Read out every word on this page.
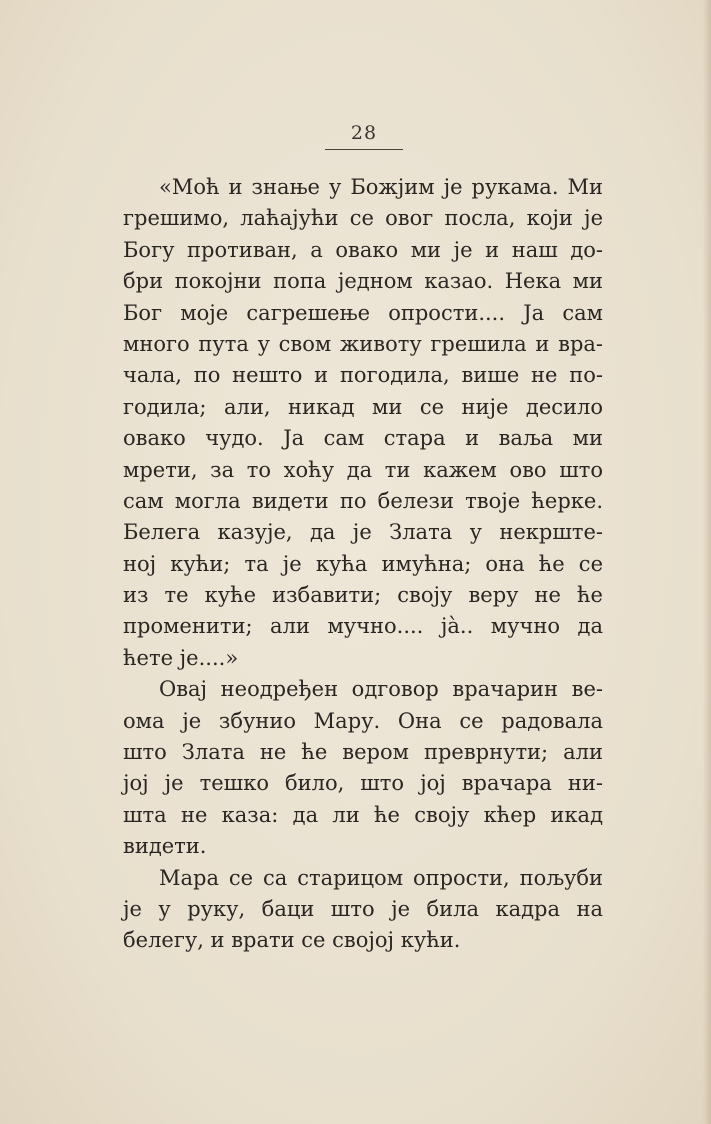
28
«Моћ и знање у Божјим је рукама. Ми
грешимо, лаћајући се овог посла, који је
Богу противан, а овако ми је и наш до-
бри покојни попа једном казао. Нека ми
Бог моје сагрешење опрости.... Ја сам
много пута у свом животу грешила и вра-
чала, по нешто и погодила, више не по-
годила; али, никад ми се није десило
овако чудо. Ја сам стара и ваља ми
мрети, за то хоћу да ти кажем ово што
сам могла видети по белези твоје ћерке.
Белега казује, да је Злата у некрште-
ној кући; та је кућа имућна; она ће се
из те куће избавити; своју веру не ће
променити; али мучно.... jà.. мучно да
ћете је....»
Овај неодређен одговор врачарин ве-
ома је збунио Мару. Она се радовала
што Злата не ће вером преврнути; али
јој је тешко било, што јој врачара ни-
шта не каза: да ли ће своју кћер икад
видети.
Мара се са старицом опрости, пољуби
је у руку, баци што је била кадра на
белегу, и врати се својој кући.
